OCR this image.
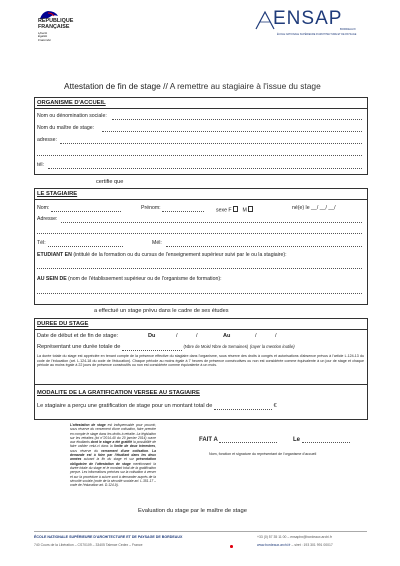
RÉPUBLIQUE
FRANÇAISE
Liberté
Égalité
Fraternité
ENSAP
BORDEAUX
ÉCOLE NATIONALE SUPÉRIEURE D'ARCHITECTURE ET DE PAYSAGE
Attestation de fin de stage // A remettre au stagiaire à l'issue du stage
ORGANISME D'ACCUEIL
Nom ou dénomination sociale:
Nom du maître de stage:
adresse:
tél:
certifie que
LE STAGIAIRE
Nom:	Prénom:	sexe F M	né(e) le __/ __/ __/
Adresse:
Tél:	Mél:
ETUDIANT EN (intitulé de la formation ou du cursus de l'enseignement supérieur suivi par le ou la stagiaire):
AU SEIN DE (nom de l'établissement supérieur ou de l'organisme de formation):
a effectué un stage prévu dans le cadre de ses études
DUREE DU STAGE
Date de début et de fin de stage:	Du	/	/	Au	/	/
Représentant une durée totale de	(Nbre de Mois/ Nbre de Semaines) (rayer la mention inutile)
La durée totale du stage est appréciée en tenant compte de la présence effective du stagiaire dans l'organisme, sous réserve des droits à congés et autorisations d'absence prévus à l'article L.124-13 du code de l'éducation (art. L.124-18 du code de l'éducation). Chaque période au moins égale à 7 heures de présence consécutives ou non est considérée comme équivalente à un jour de stage et chaque période au moins égale à 22 jours de présence consécutifs ou non est considérée comme équivalente à un mois.
MODALITE DE LA GRATIFICATION VERSEE AU STAGIAIRE
Le stagiaire a perçu une gratification de stage pour un montant total de	€
L'attestation de stage est indispensable pour pouvoir, sous réserve du versement d'une cotisation, faire prendre en compte le stage dans les droits à retraite. La législation sur les retraites (loi n°2014-40 du 20 janvier 2014) ouvre aux étudiants dont le stage a été gratifié la possibilité de faire valider celui-ci dans la limite de deux trimestres, sous réserve du versement d'une cotisation. La demande est à faire par l'étudiant dans les deux années suivant la fin du stage et sur présentation obligatoire de l'attestation de stage mentionnant la durée totale du stage et le montant total de la gratification perçue. Les informations précises sur la cotisation à verser et sur la procédure à suivre sont à demander auprès de la sécurité sociale (code de la sécurité sociale art. L.351-17 – code de l'éducation art. D.124-9).
FAIT A	Le
Nom, fonction et signature du représentant de l'organisme d'accueil
Evaluation du stage par le maître de stage
ÉCOLE NATIONALE SUPÉRIEURE D'ARCHITECTURE ET DE PAYSAGE DE BORDEAUX
740 Cours de la Libération – CS70109 – 33405 Talence Cedex – France
+33 (0) 57 35 11 00 – ensapbx@bordeaux.archi.fr
www.bordeaux.archi.fr – siret : 193 301 991 00017
